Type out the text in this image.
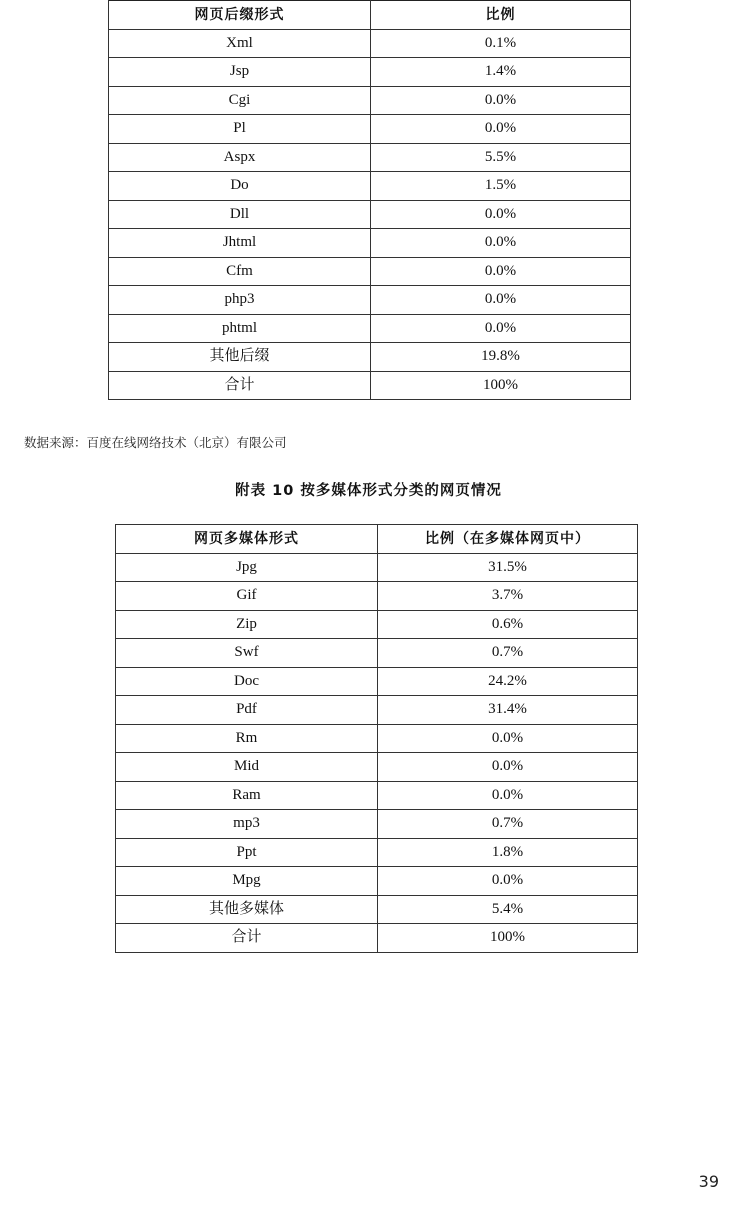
网页后缀形式	比例
Xml	0.1%
Jsp	1.4%
Cgi	0.0%
Pl	0.0%
Aspx	5.5%
Do	1.5%
Dll	0.0%
Jhtml	0.0%
Cfm	0.0%
php3	0.0%
phtml	0.0%
其他后缀	19.8%
合计	100%
数据来源：百度在线网络技术（北京）有限公司
附表 10 按多媒体形式分类的网页情况
网页多媒体形式	比例（在多媒体网页中）
Jpg	31.5%
Gif	3.7%
Zip	0.6%
Swf	0.7%
Doc	24.2%
Pdf	31.4%
Rm	0.0%
Mid	0.0%
Ram	0.0%
mp3	0.7%
Ppt	1.8%
Mpg	0.0%
其他多媒体	5.4%
合计	100%
39
